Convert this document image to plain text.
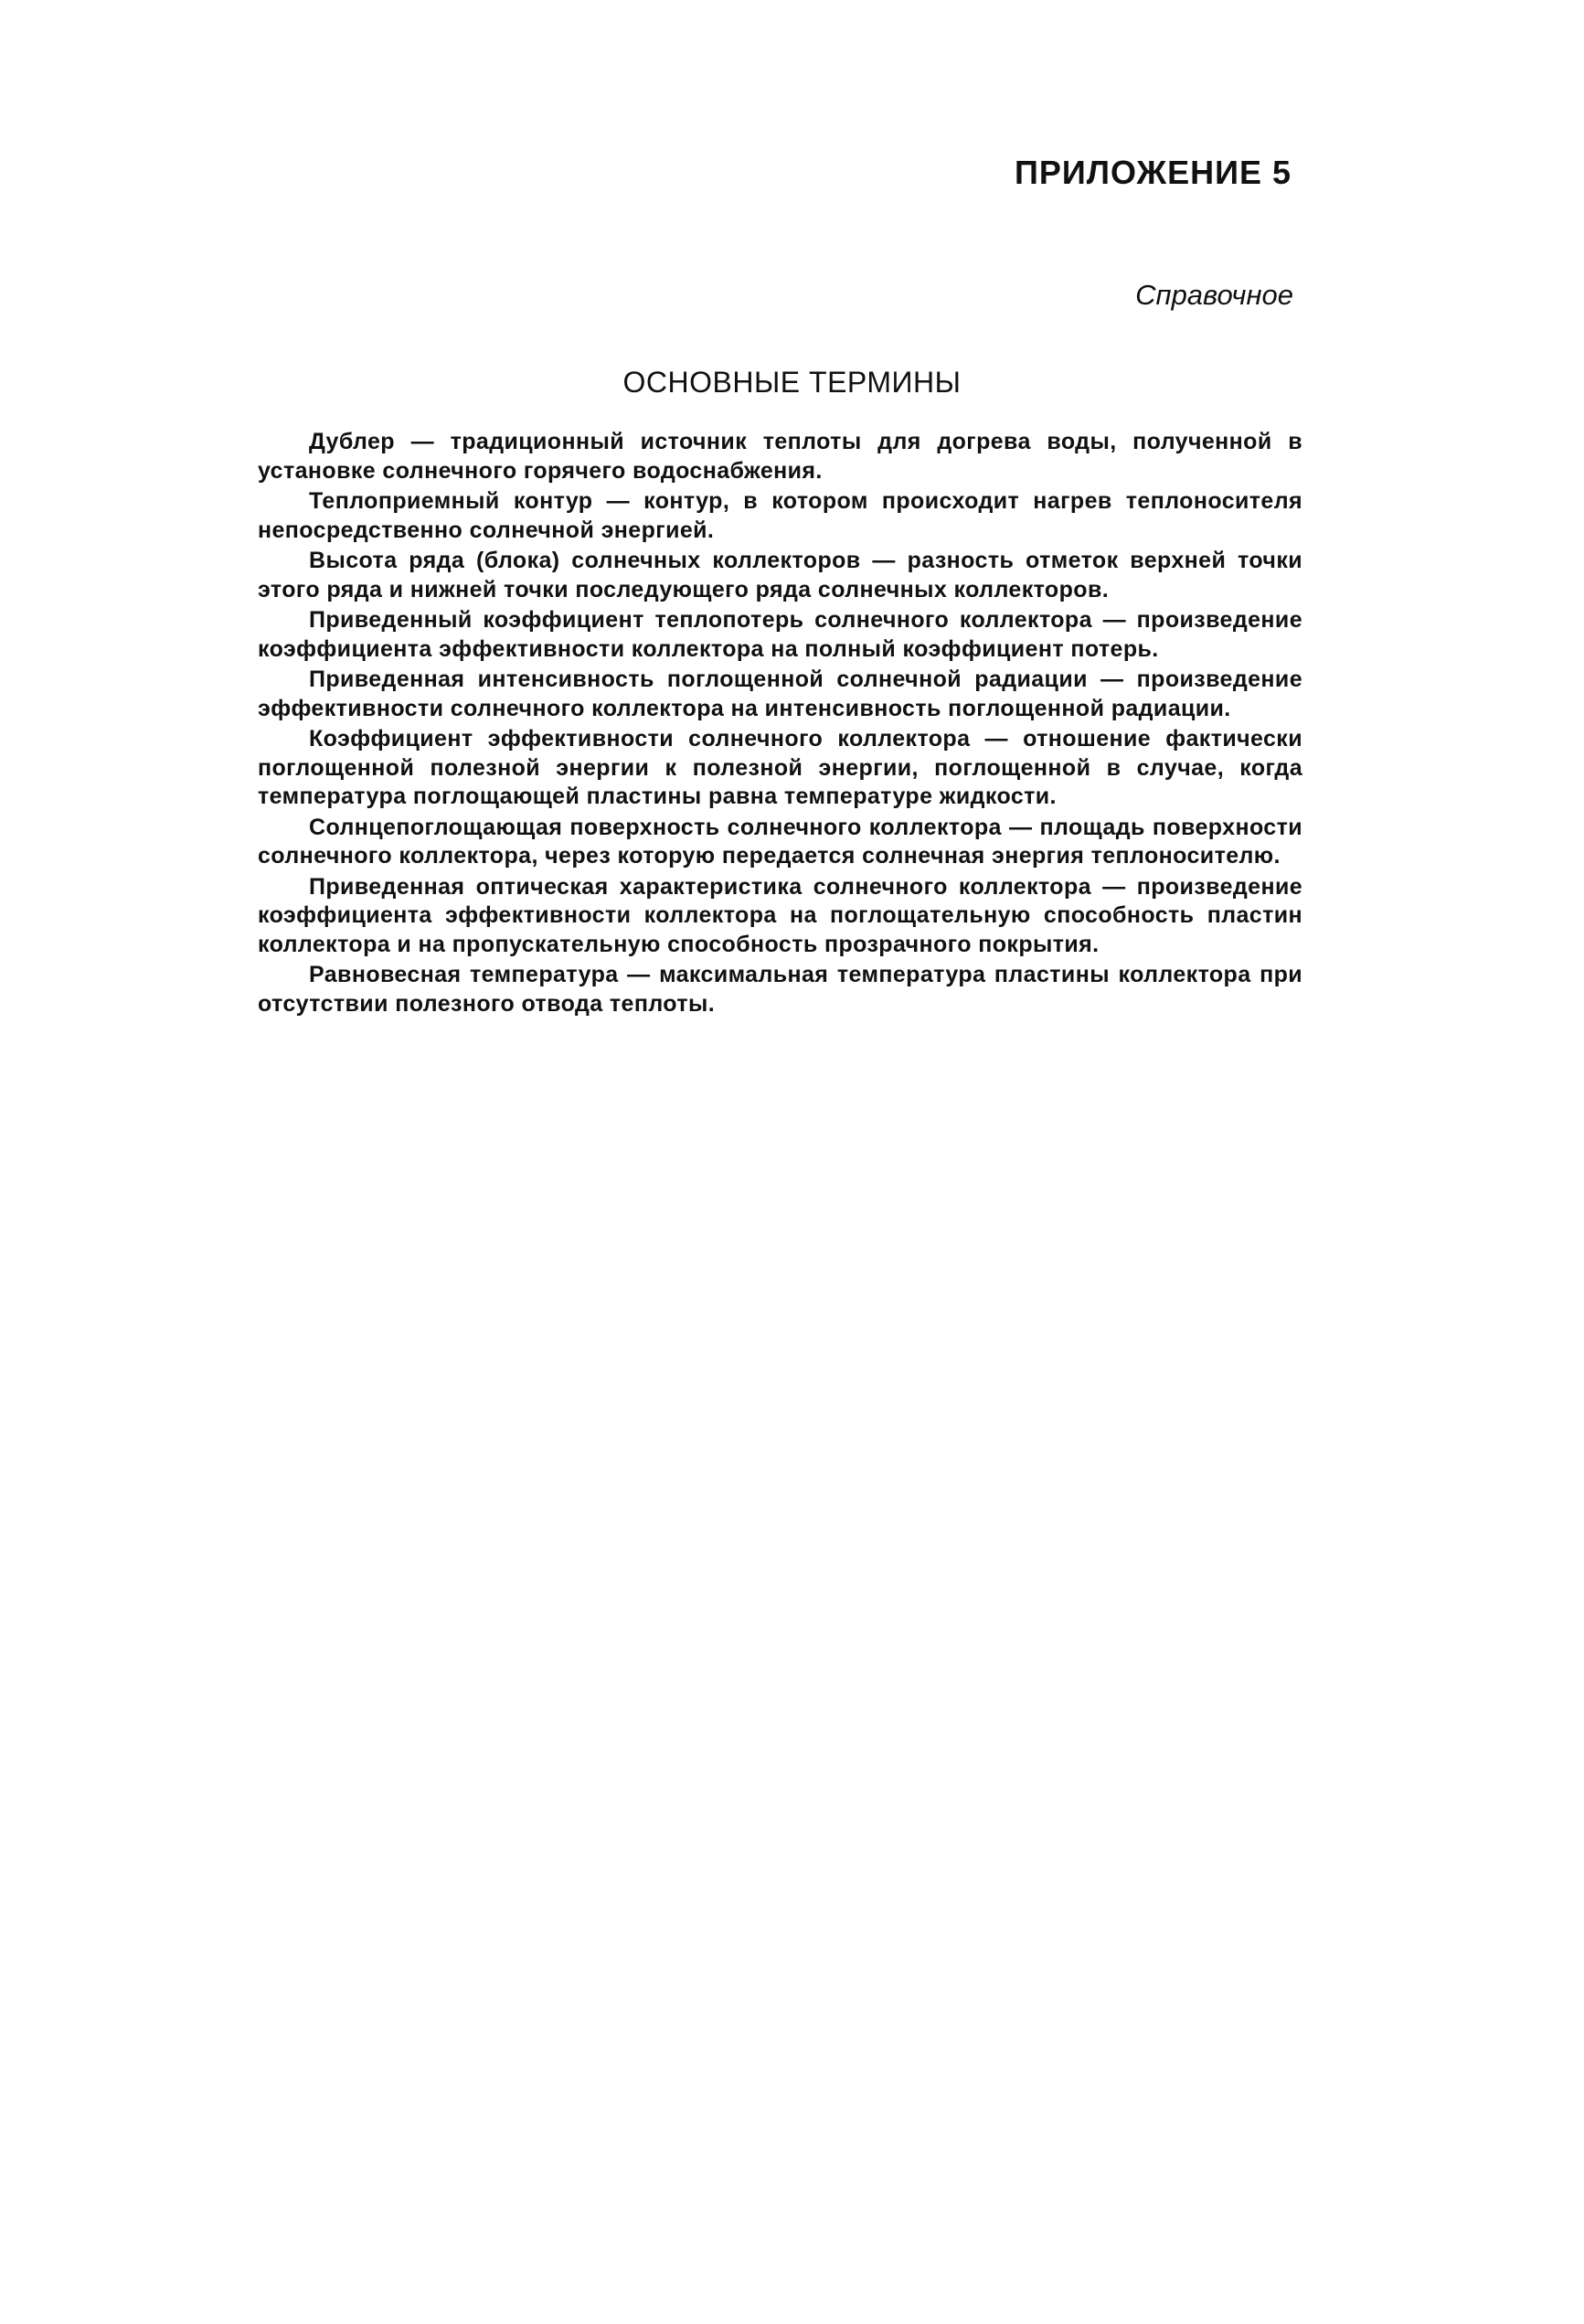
ПРИЛОЖЕНИЕ 5
Справочное
ОСНОВНЫЕ ТЕРМИНЫ

Дублер — традиционный источник теплоты для догрева воды, полученной в установке солнечного горячего водоснабжения.

Теплоприемный контур — контур, в котором происходит нагрев теплоносителя непосредственно солнечной энергией.

Высота ряда (блока) солнечных коллекторов — разность отметок верхней точки этого ряда и нижней точки последующего ряда солнечных коллекторов.

Приведенный коэффициент теплопотерь солнечного коллектора — произведение коэффициента эффективности коллектора на полный коэффициент потерь.

Приведенная интенсивность поглощенной солнечной радиации — произведение эффективности солнечного коллектора на интенсивность поглощенной радиации.

Коэффициент эффективности солнечного коллектора — отношение фактически поглощенной полезной энергии к полезной энергии, поглощенной в случае, когда температура поглощающей пластины равна температуре жидкости.

Солнцепоглощающая поверхность солнечного коллектора — площадь поверхности солнечного коллектора, через которую передается солнечная энергия теплоносителю.

Приведенная оптическая характеристика солнечного коллектора — произведение коэффициента эффективности коллектора на поглощательную способность пластин коллектора и на пропускательную способность прозрачного покрытия.

Равновесная температура — максимальная температура пластины коллектора при отсутствии полезного отвода теплоты.
